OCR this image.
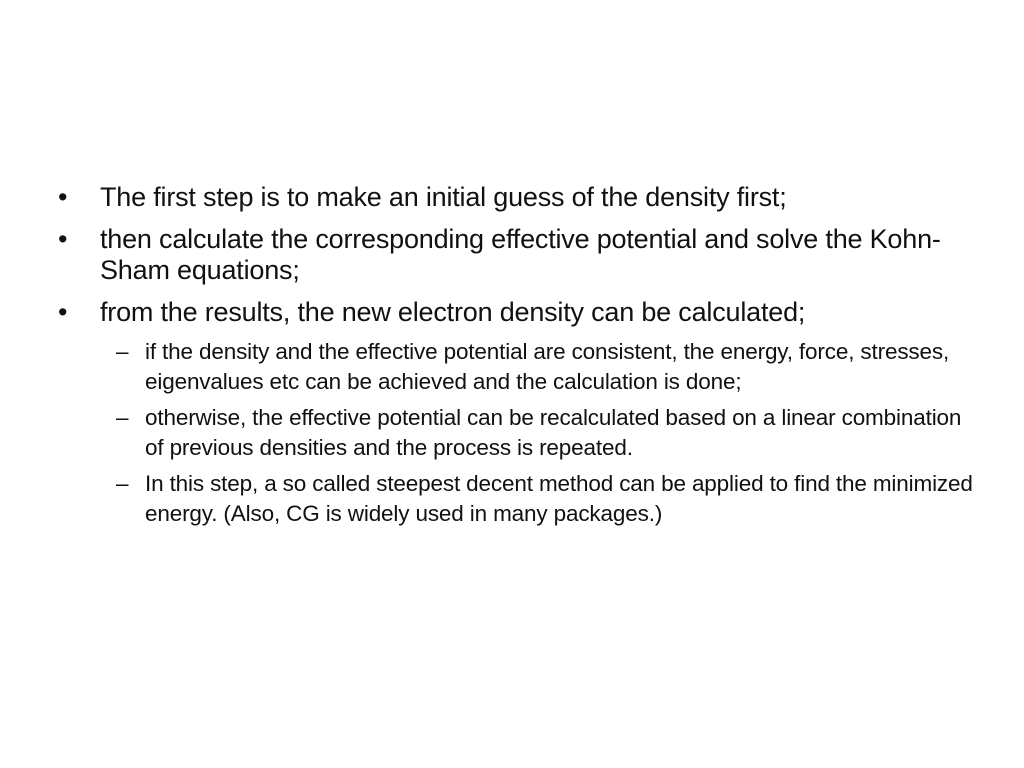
•	The first step is to make an initial guess of the density first;
•	then calculate the corresponding effective potential and solve the Kohn-Sham equations;
•	from the results, the new electron density can be calculated;
– if the density and the effective potential are consistent, the energy, force, stresses, eigenvalues etc can be achieved and the calculation is done;
– otherwise, the effective potential can be recalculated based on a linear combination of previous densities and the process is repeated.
– In this step, a so called steepest decent method can be applied to find the minimized energy. (Also, CG is widely used in many packages.)
